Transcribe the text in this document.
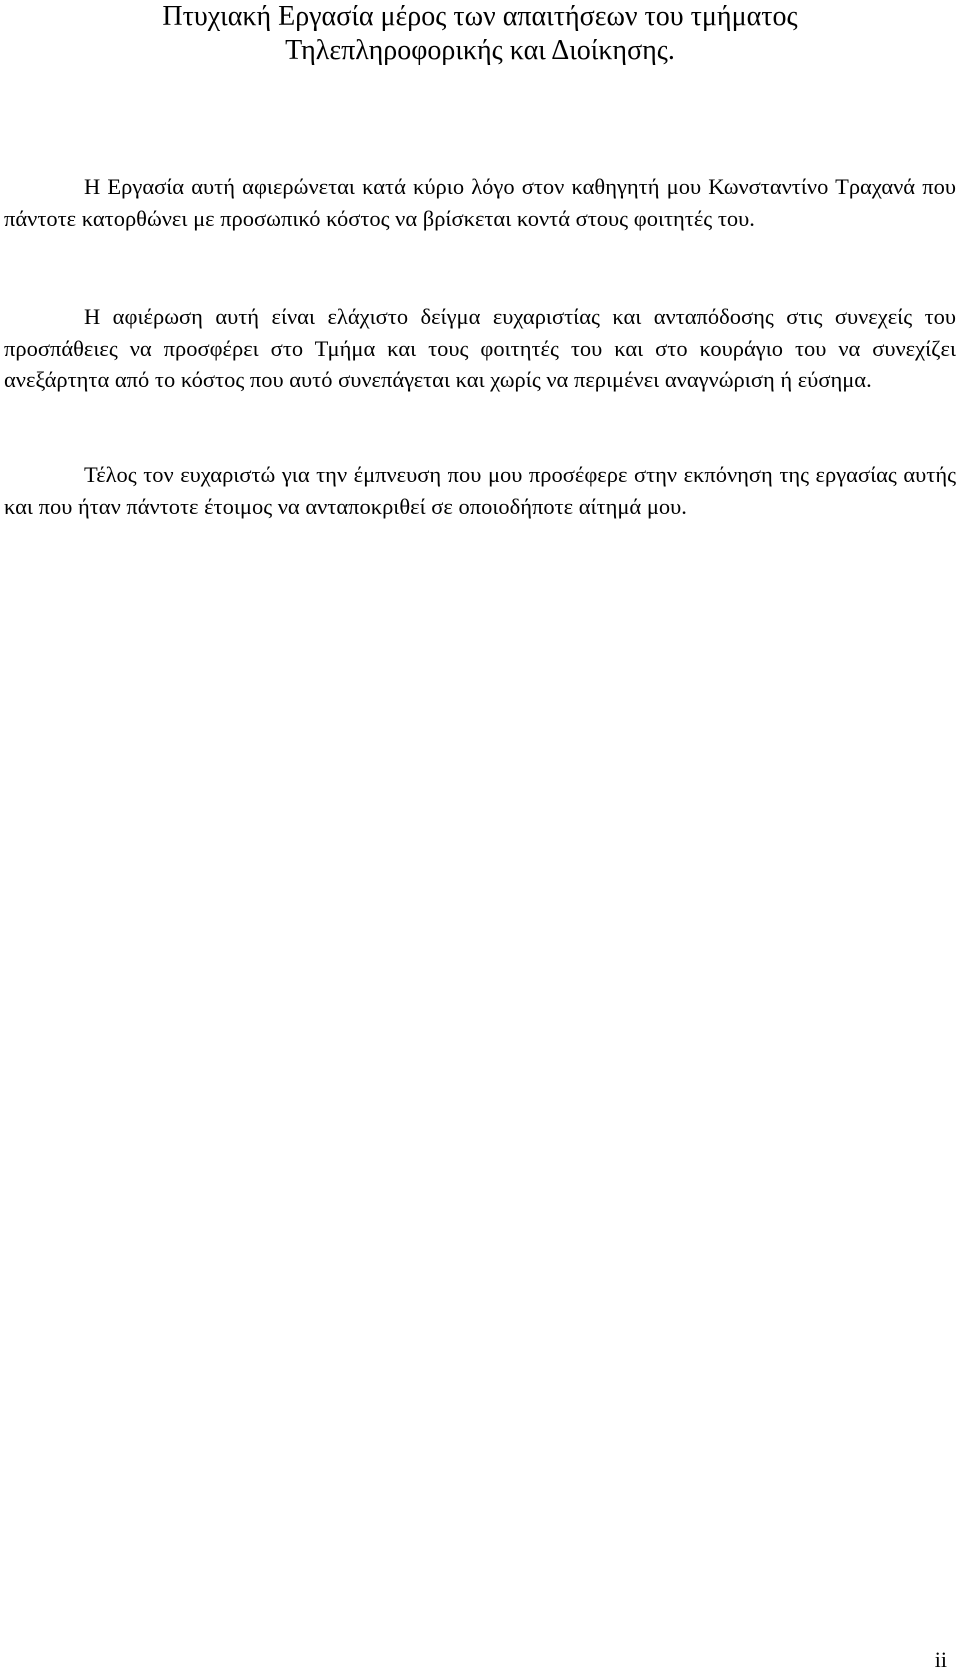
Πτυχιακή Εργασία μέρος των απαιτήσεων του τμήματος
Τηλεπληροφορικής και Διοίκησης.

Η Εργασία αυτή αφιερώνεται κατά κύριο λόγο στον καθηγητή μου Κωνσταντίνο Τραχανά που πάντοτε κατορθώνει με προσωπικό κόστος να βρίσκεται κοντά στους φοιτητές του.

Η αφιέρωση αυτή είναι ελάχιστο δείγμα ευχαριστίας και ανταπόδοσης στις συνεχείς του προσπάθειες να προσφέρει στο Τμήμα και τους φοιτητές του και στο κουράγιο του να συνεχίζει ανεξάρτητα από το κόστος που αυτό συνεπάγεται και χωρίς να περιμένει αναγνώριση ή εύσημα.

Τέλος τον ευχαριστώ για την έμπνευση που μου προσέφερε στην εκπόνηση της εργασίας αυτής και που ήταν πάντοτε έτοιμος να ανταποκριθεί σε οποιοδήποτε αίτημά μου.

ii
